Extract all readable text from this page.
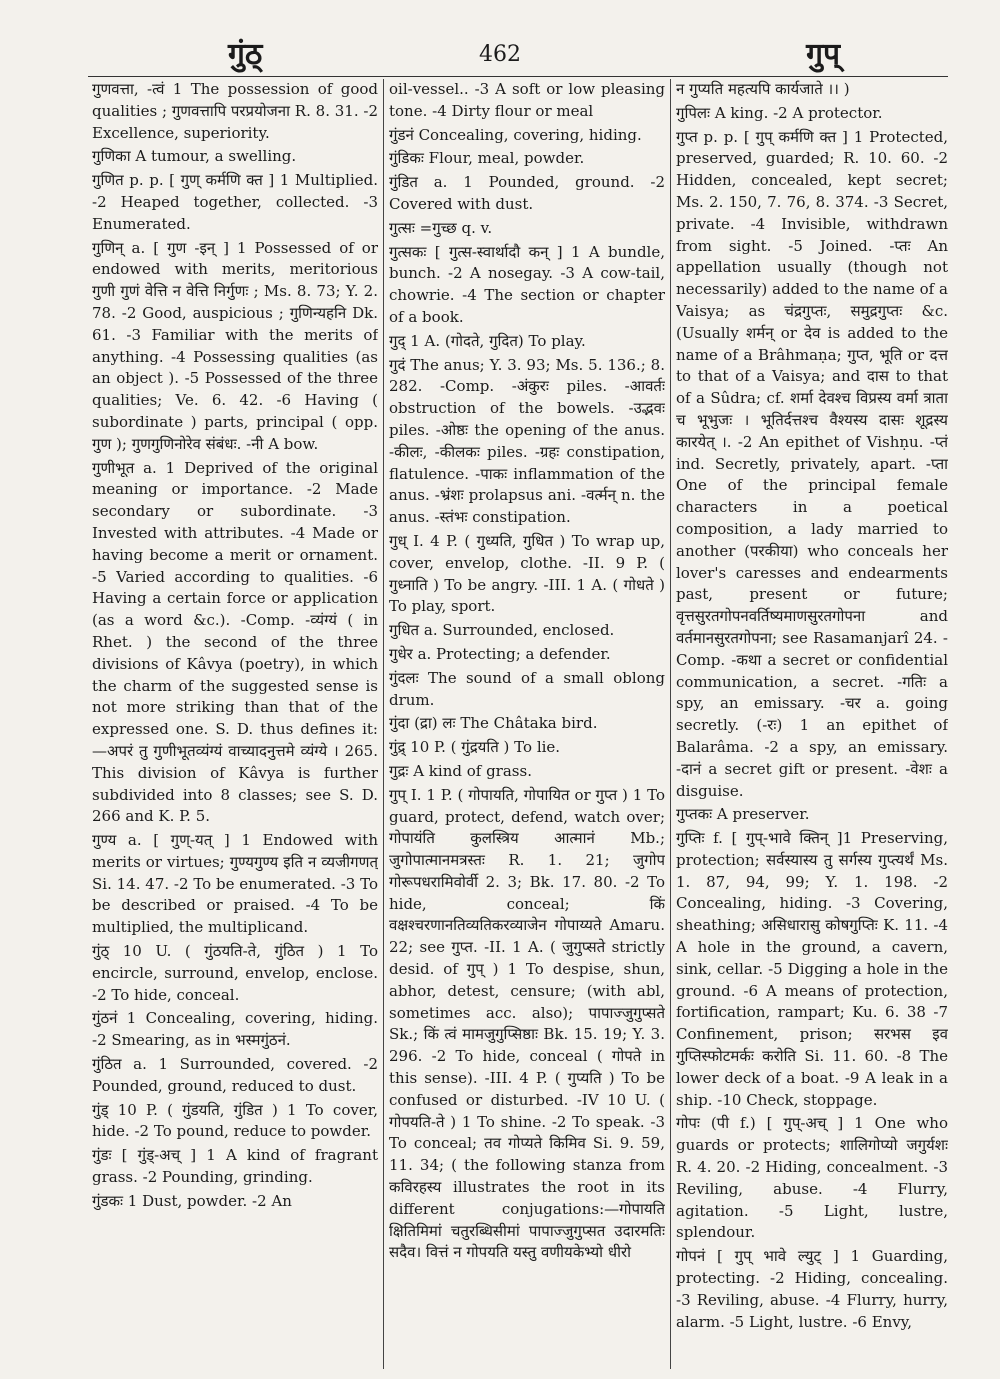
गुंठ्	462	गुप्

गुणवत्ता, -त्वं 1 The possession of good qualities ; गुणवत्तापि परप्रयोजना R. 8. 31. -2 Excellence, superiority.

गुणिका A tumour, a swelling.

गुणित p. p. [ गुण् कर्मणि क्त ] 1 Multiplied. -2 Heaped together, collected. -3 Enumerated.

गुणिन् a. [ गुण -इन् ] 1 Possessed of or endowed with merits, meritorious गुणी गुणं वेत्ति न वेत्ति निर्गुणः ; Ms. 8. 73; Y. 2. 78. -2 Good, auspicious ; गुणिन्यहनि Dk. 61. -3 Familiar with the merits of anything. -4 Possessing qualities (as an object ). -5 Possessed of the three qualities; Ve. 6. 42. -6 Having ( subordinate ) parts, principal ( opp. गुण ); गुणगुणिनोरेव संबंधः. -नी A bow.

गुणीभूत a. 1 Deprived of the original meaning or importance. -2 Made secondary or subordinate. -3 Invested with attributes. -4 Made or having become a merit or ornament. -5 Varied according to qualities. -6 Having a certain force or application (as a word &c.). -Comp. -व्यंग्यं ( in Rhet. ) the second of the three divisions of Kâvya (poetry), in which the charm of the suggested sense is not more striking than that of the expressed one. S. D. thus defines it: —अपरं तु गुणीभूतव्यंग्यं वाच्यादनुत्तमे व्यंग्ये । 265. This division of Kâvya is further subdivided into 8 classes; see S. D. 266 and K. P. 5.

गुण्य a. [ गुण्-यत् ] 1 Endowed with merits or virtues; गुण्यगुण्य इति न व्यजीगणत् Si. 14. 47. -2 To be enumerated. -3 To be described or praised. -4 To be multiplied, the multiplicand.

गुंठ् 10 U. ( गुंठयति-ते, गुंठित ) 1 To encircle, surround, envelop, enclose. -2 To hide, conceal.

गुंठनं 1 Concealing, covering, hiding. -2 Smearing, as in भस्मगुंठनं.

गुंठित a. 1 Surrounded, covered. -2 Pounded, ground, reduced to dust.

गुंड् 10 P. ( गुंडयति, गुंडित ) 1 To cover, hide. -2 To pound, reduce to powder.

गुंडः [ गुंड्-अच् ] 1 A kind of fragrant grass. -2 Pounding, grinding.

गुंडकः 1 Dust, powder. -2 An

oil-vessel.. -3 A soft or low pleasing tone. -4 Dirty flour or meal

गुंडनं Concealing, covering, hiding.

गुंडिकः Flour, meal, powder.

गुंडित a. 1 Pounded, ground. -2 Covered with dust.

गुत्सः =गुच्छ q. v.

गुत्सकः [ गुत्स-स्वार्थादौ कन् ] 1 A bundle, bunch. -2 A nosegay. -3 A cow-tail, chowrie. -4 The section or chapter of a book.

गुद् 1 A. (गोदते, गुदित) To play.

गुदं The anus; Y. 3. 93; Ms. 5. 136.; 8. 282. -Comp. -अंकुरः piles. -आवर्तः obstruction of the bowels. -उद्भवः piles. -ओष्ठः the opening of the anus. -कीलः, -कीलकः piles. -ग्रहः constipation, flatulence. -पाकः inflammation of the anus. -भ्रंशः prolapsus ani. -वर्त्मन् n. the anus. -स्तंभः constipation.

गुध् I. 4 P. ( गुध्यति, गुधित ) To wrap up, cover, envelop, clothe. -II. 9 P. ( गुध्नाति ) To be angry. -III. 1 A. ( गोधते ) To play, sport.

गुधित a. Surrounded, enclosed.

गुधेर a. Protecting; a defender.

गुंदलः The sound of a small oblong drum.

गुंदा (द्रा) लः The Châtaka bird.

गुंद्र् 10 P. ( गुंद्रयति ) To lie.

गुद्रः A kind of grass.

गुप् I. 1 P. ( गोपायति, गोपायित or गुप्त ) 1 To guard, protect, defend, watch over; गोपायंति कुलस्त्रिय आत्मानं Mb.; जुगोपात्मानमत्रस्तः R. 1. 21; जुगोप गोरूपधरामिवोर्वी 2. 3; Bk. 17. 80. -2 To hide, conceal; किं वक्षश्चरणानतिव्यतिकरव्याजेन गोपाय्यते Amaru. 22; see गुप्त. -II. 1 A. ( जुगुप्सते strictly desid. of गुप् ) 1 To despise, shun, abhor, detest, censure; (with abl, sometimes acc. also); पापाज्जुगुप्सते Sk.; किं त्वं मामजुगुप्सिष्ठाः Bk. 15. 19; Y. 3. 296. -2 To hide, conceal ( गोपते in this sense). -III. 4 P. ( गुप्यति ) To be confused or disturbed. -IV 10 U. ( गोपयति-ते ) 1 To shine. -2 To speak. -3 To conceal; तव गोप्यते किमिव Si. 9. 59, 11. 34; ( the following stanza from कविरहस्य illustrates the root in its different conjugations:—गोपायति क्षितिमिमां चतुरब्धिसीमां पापाज्जुगुप्सत उदारमतिः सदैव। वित्तं न गोपयति यस्तु वणीयकेभ्यो धीरो

न गुप्यति महत्यपि कार्यजाते ।। )

गुपिलः A king. -2 A protector.

गुप्त p. p. [ गुप् कर्मणि क्त ] 1 Protected, preserved, guarded; R. 10. 60. -2 Hidden, concealed, kept secret; Ms. 2. 150, 7. 76, 8. 374. -3 Secret, private. -4 Invisible, withdrawn from sight. -5 Joined. -प्तः An appellation usually (though not necessarily) added to the name of a Vaisya; as चंद्रगुप्तः, समुद्रगुप्तः &c. (Usually शर्मन् or देव is added to the name of a Brâhmaṇa; गुप्त, भूति or दत्त to that of a Vaisya; and दास to that of a Sûdra; cf. शर्मा देवश्च विप्रस्य वर्मा त्राता च भूभुजः । भूतिर्दत्तश्च वैश्यस्य दासः शूद्रस्य कारयेत् ।. -2 An epithet of Vishṇu. -प्तं ind. Secretly, privately, apart. -प्ता One of the principal female characters in a poetical composition, a lady married to another (परकीया) who conceals her lover's caresses and endearments past, present or future; वृत्तसुरतगोपनवर्तिष्यमाणसुरतगोपना and वर्तमानसुरतगोपना; see Rasamanjarî 24. -Comp. -कथा a secret or confidential communication, a secret. -गतिः a spy, an emissary. -चर a. going secretly. (-रः) 1 an epithet of Balarâma. -2 a spy, an emissary. -दानं a secret gift or present. -वेशः a disguise.

गुप्तकः A preserver.

गुप्तिः f. [ गुप्-भावे क्तिन् ]1 Preserving, protection; सर्वस्यास्य तु सर्गस्य गुप्त्यर्थं Ms. 1. 87, 94, 99; Y. 1. 198. -2 Concealing, hiding. -3 Covering, sheathing; असिधारासु कोषगुप्तिः K. 11. -4 A hole in the ground, a cavern, sink, cellar. -5 Digging a hole in the ground. -6 A means of protection, fortification, rampart; Ku. 6. 38 -7 Confinement, prison; सरभस इव गुप्तिस्फोटमर्कः करोति Si. 11. 60. -8 The lower deck of a boat. -9 A leak in a ship. -10 Check, stoppage.

गोपः (पी f.) [ गुप्-अच् ] 1 One who guards or protects; शालिगोप्यो जगुर्यशः R. 4. 20. -2 Hiding, concealment. -3 Reviling, abuse. -4 Flurry, agitation. -5 Light, lustre, splendour.

गोपनं [ गुप् भावे ल्युट् ] 1 Guarding, protecting. -2 Hiding, concealing. -3 Reviling, abuse. -4 Flurry, hurry, alarm. -5 Light, lustre. -6 Envy,
